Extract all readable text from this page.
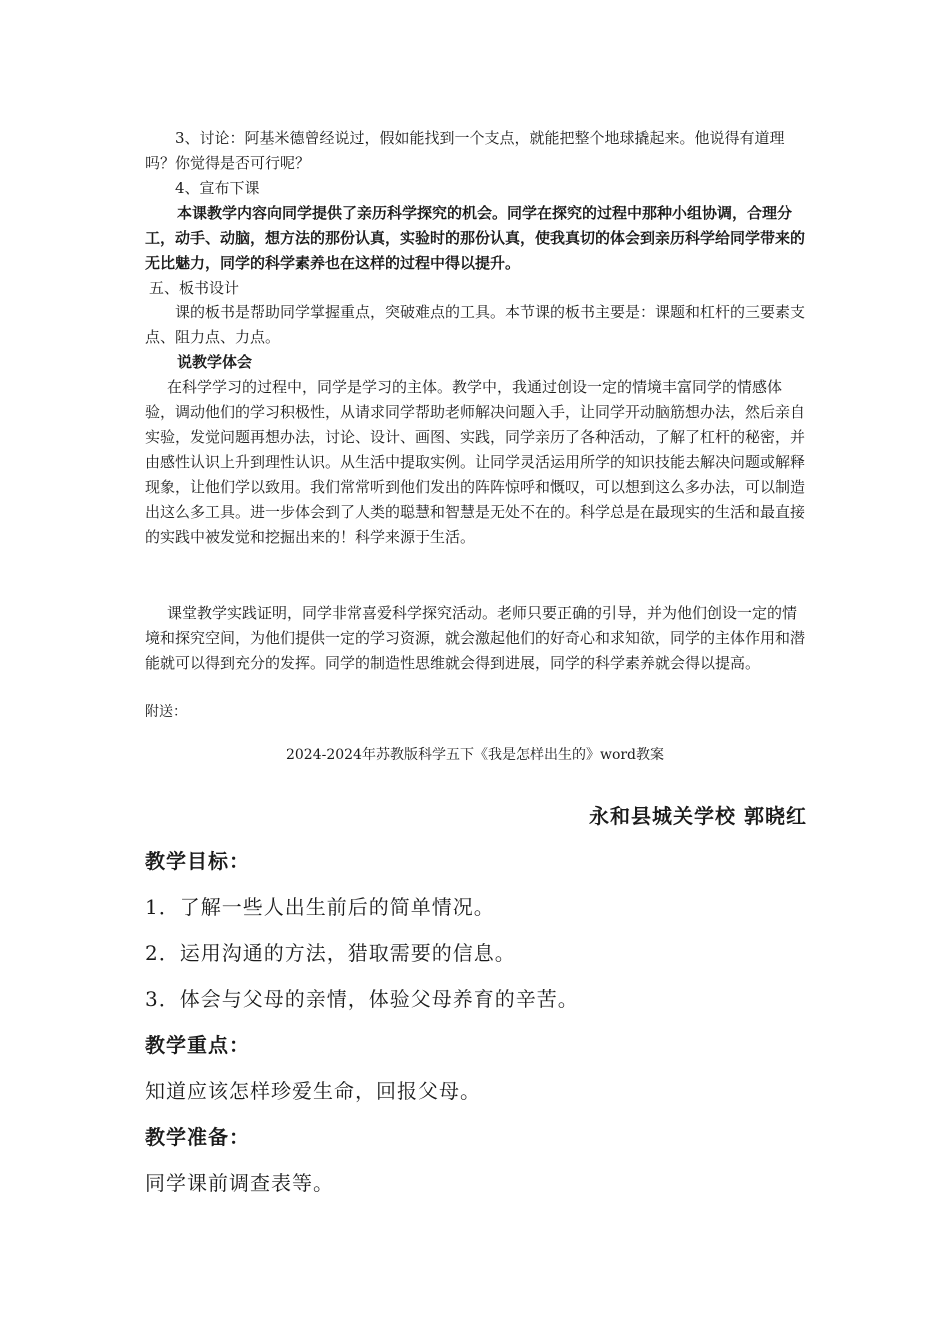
3、讨论：阿基米德曾经说过，假如能找到一个支点，就能把整个地球撬起来。他说得有道理吗？你觉得是否可行呢？

4、宣布下课

本课教学内容向同学提供了亲历科学探究的机会。同学在探究的过程中那种小组协调，合理分工，动手、动脑，想方法的那份认真，实验时的那份认真，使我真切的体会到亲历科学给同学带来的无比魅力，同学的科学素养也在这样的过程中得以提升。

五、板书设计

课的板书是帮助同学掌握重点，突破难点的工具。本节课的板书主要是：课题和杠杆的三要素支点、阻力点、力点。

说教学体会

在科学学习的过程中，同学是学习的主体。教学中，我通过创设一定的情境丰富同学的情感体验，调动他们的学习积极性，从请求同学帮助老师解决问题入手，让同学开动脑筋想办法，然后亲自实验，发觉问题再想办法，讨论、设计、画图、实践，同学亲历了各种活动，了解了杠杆的秘密，并由感性认识上升到理性认识。从生活中提取实例。让同学灵活运用所学的知识技能去解决问题或解释现象，让他们学以致用。我们常常听到他们发出的阵阵惊呼和慨叹，可以想到这么多办法，可以制造出这么多工具。进一步体会到了人类的聪慧和智慧是无处不在的。科学总是在最现实的生活和最直接的实践中被发觉和挖掘出来的！科学来源于生活。

课堂教学实践证明，同学非常喜爱科学探究活动。老师只要正确的引导，并为他们创设一定的情境和探究空间，为他们提供一定的学习资源，就会激起他们的好奇心和求知欲，同学的主体作用和潜能就可以得到充分的发挥。同学的制造性思维就会得到进展，同学的科学素养就会得以提高。

附送：

2024-2024年苏教版科学五下《我是怎样出生的》word教案
永和县城关学校 郭晓红

教学目标：

1．了解一些人出生前后的简单情况。

2．运用沟通的方法，猎取需要的信息。

3．体会与父母的亲情，体验父母养育的辛苦。

教学重点：

知道应该怎样珍爱生命，回报父母。

教学准备：

同学课前调查表等。
